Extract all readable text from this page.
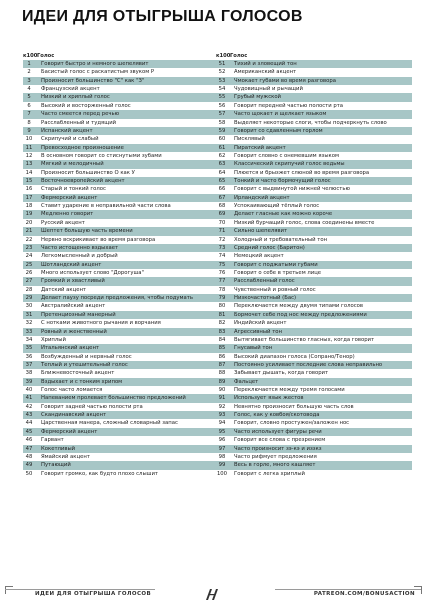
ИДЕИ ДЛЯ ОТЫГРЫША ГОЛОСОВ
к100Голос
1 Говорит быстро и немного шепелявит
2 Басистый голос с раскатистым звуком Р
3 Произносит большинство "С" как "З"
4 Французский акцент
5 Низкий и хриплый голос
6 Высокий и восторженный голос
7 Часто смеется перед речью
8 Расслабленный и тудящий
9 Испанский акцент
10 Скрипучий и слабый
11 Превосходное произношение
12 В основном говорит со стиснутыми зубами
13 Мягкий и мелодичный
14 Произносит большинство О как У
15 Восточноевропейский акцент
16 Старый и тонкий голос
17 Фермерский акцент
18 Ставит ударение в неправильной части слова
19 Медленно говорит
20 Русский акцент
21 Шептет большую часть времени
22 Нервно вскрикивает во время разговора
23 Часто истощенно вздыхает
24 Легкомысленный и добрый
25 Шотландский акцент
26 Много использует слово "Дорогуша"
27 Громкий и хвастливый
28 Датский акцент
29 Делает паузу посреди предложения, чтобы подумать
30 Австралийский акцент
31 Претенциозный манерный
32 С нотками животного рычания и ворчания
33 Ровный и женственный
34 Хриплый
35 Итальянский акцент
36 Возбужденный и нервный голос
37 Теплый и утешительный голос
38 Ближневосточный акцент
39 Вздыхает и с тонким хрипом
40 Голос часто ломается
41 Напеванием пролевает большинство предложений
42 Говорит задней частью полости рта
43 Скандинавский акцент
44 Царственная манера, сложный словарный запас
45 Фермерский акцент
46 Гарвант
47 Кокетливый
48 Ямайский акцент
49 Путающий
50 Говорит громко, как будто плохо слышит
к100Голос
51 Тихий и зловещий тон
52 Американский акцент
53 Чмокает губами во время разговора
54 Чудовищный и рычащий
55 Грубый мужской
56 Говорит передней частью полости рта
57 Часто щокает и щелкает языком
58 Выделяет некоторые слоги, чтобы подчеркнуть слово
59 Говорит со сдавленным горлом
60 Писклявый
61 Пиратский акцент
62 Говорит словно с онемевшим языком
63 Классический скрипучий голос ведьмы
64 Плюется и брызжет слюной во время разговора
65 Тонкий и часто бормочущий голос
66 Говорит с выдвинутой нижней челюстью
67 Ирландский акцент
68 Успокаивающий тёплый голос
69 Делает гласные как можно короче
70 Низкий бурчащий голос, слова соединены вместе
71 Сильно шепелявит
72 Холодный и требовательный тон
73 Средний голос (Баритон)
74 Немецкий акцент
75 Говорит с поджатыми губами
76 Говорит о себе в третьем лице
77 Расслабленный голос
78 Чувственный и ровный голос
79 Низкочастотный (Бас)
80 Переключается между двумя типами голосов
81 Бормочет себе под нос между предложениями
82 Индийский акцент
83 Агрессивный тон
84 Вытягивает большинство гласных, когда говорит
85 Гнусавый тон
86 Высокий диапазон голоса (Сопрано/Тенор)
87 Постоянно усиливает последние слова неправильно
88 Забывает дышать, когда говорит
89 Фальцет
90 Переключается между тремя голосами
91 Использует язык жестов
92 Невнятно произносит большую часть слов
93 Голос, как у ковбоя/скотовода
94 Говорит, словно простужен/заложен нос
95 Часто использует фигуры речи
96 Говорит все слова с презрением
97 Часто произносит зэ-кэ и иззкз
98 Часто рифмует предложения
99 Весь в горле, много кашляет
100 Говорит с легка хриплый
ИДЕИ ДЛЯ ОТЫГРЫША ГОЛОСОВ	PATREON.COM/BONUSACTION
